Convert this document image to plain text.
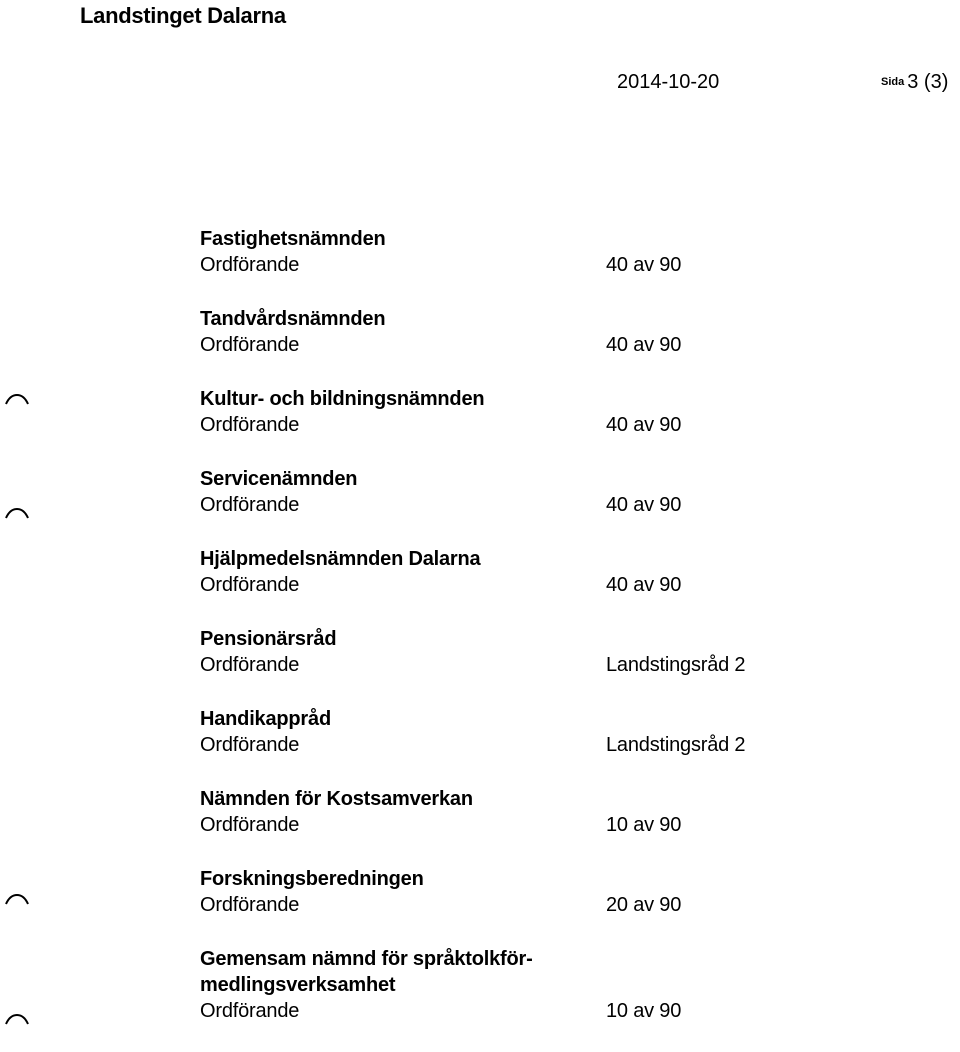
Landstinget Dalarna
2014-10-20	Sida 3 (3)
Fastighetsnämnden
Ordförande	40 av 90
Tandvårdsnämnden
Ordförande	40 av 90
Kultur- och bildningsnämnden
Ordförande	40 av 90
Servicenämnden
Ordförande	40 av 90
Hjälpmedelsnämnden Dalarna
Ordförande	40 av 90
Pensionärsråd
Ordförande	Landstingsråd 2
Handikappråd
Ordförande	Landstingsråd 2
Nämnden för Kostsamverkan
Ordförande	10 av 90
Forskningsberedningen
Ordförande	20 av 90
Gemensam nämnd för språktolkför-
medlingsverksamhet
Ordförande	10 av 90
